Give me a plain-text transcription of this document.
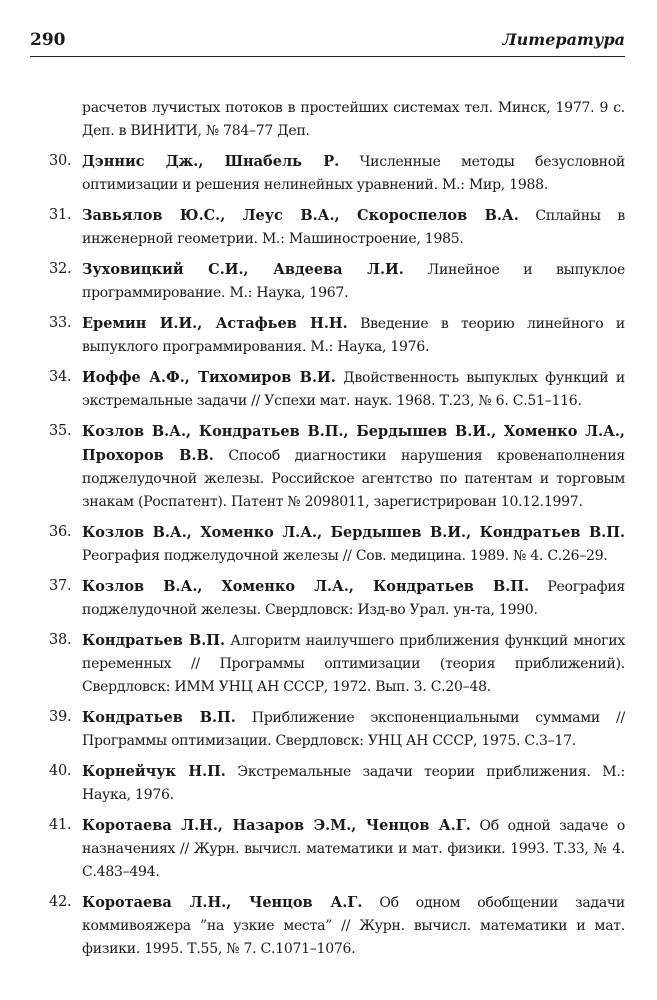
290	Литература
расчетов лучистых потоков в простейших системах тел. Минск, 1977. 9 с. Деп. в ВИНИТИ, № 784–77 Деп.
30. Дэннис Дж., Шнабель Р. Численные методы безусловной оптимизации и решения нелинейных уравнений. М.: Мир, 1988.
31. Завьялов Ю.С., Леус В.А., Скороспелов В.А. Сплайны в инженерной геометрии. М.: Машиностроение, 1985.
32. Зуховицкий С.И., Авдеева Л.И. Линейное и выпуклое программирование. М.: Наука, 1967.
33. Еремин И.И., Астафьев Н.Н. Введение в теорию линейного и выпуклого программирования. М.: Наука, 1976.
34. Иоффе А.Ф., Тихомиров В.И. Двойственность выпуклых функций и экстремальные задачи // Успехи мат. наук. 1968. Т.23, № 6. С.51–116.
35. Козлов В.А., Кондратьев В.П., Бердышев В.И., Хоменко Л.А., Прохоров В.В. Способ диагностики нарушения кровенаполнения поджелудочной железы. Российское агентство по патентам и торговым знакам (Роспатент). Патент № 2098011, зарегистрирован 10.12.1997.
36. Козлов В.А., Хоменко Л.А., Бердышев В.И., Кондратьев В.П. Реография поджелудочной железы // Сов. медицина. 1989. № 4. С.26–29.
37. Козлов В.А., Хоменко Л.А., Кондратьев В.П. Реография поджелудочной железы. Свердловск: Изд-во Урал. ун-та, 1990.
38. Кондратьев В.П. Алгоритм наилучшего приближения функций многих переменных // Программы оптимизации (теория приближений). Свердловск: ИММ УНЦ АН СССР, 1972. Вып. 3. С.20–48.
39. Кондратьев В.П. Приближение экспоненциальными суммами // Программы оптимизации. Свердловск: УНЦ АН СССР, 1975. С.3–17.
40. Корнейчук Н.П. Экстремальные задачи теории приближения. М.: Наука, 1976.
41. Коротаева Л.Н., Назаров Э.М., Ченцов А.Г. Об одной задаче о назначениях // Журн. вычисл. математики и мат. физики. 1993. Т.33, № 4. С.483–494.
42. Коротаева Л.Н., Ченцов А.Г. Об одном обобщении задачи коммивояжера ”на узкие места” // Журн. вычисл. математики и мат. физики. 1995. Т.55, № 7. С.1071–1076.
